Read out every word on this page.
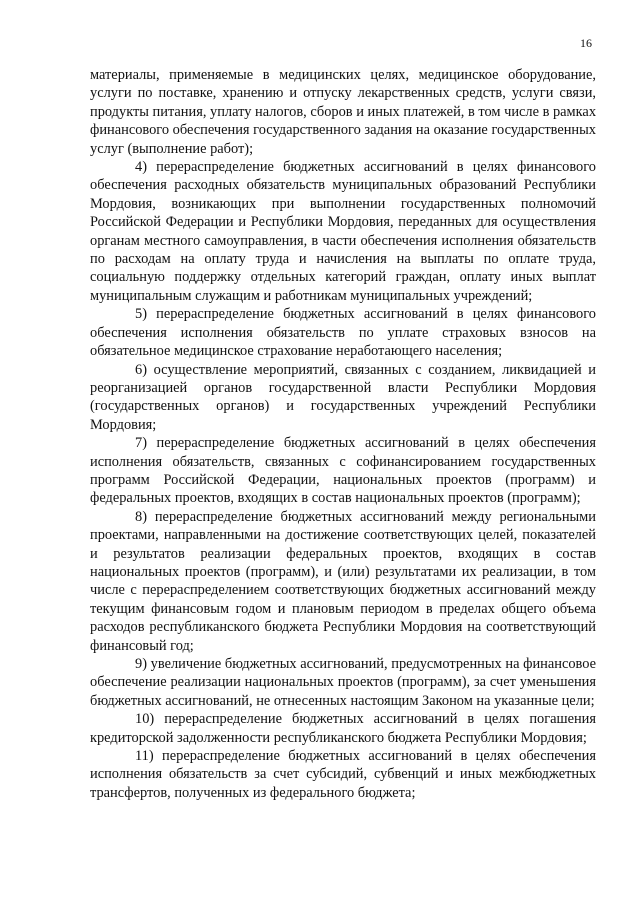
16

материалы, применяемые в медицинских целях, медицинское оборудование, услуги по поставке, хранению и отпуску лекарственных средств, услуги связи, продукты питания, уплату налогов, сборов и иных платежей, в том числе в рамках финансового обеспечения государственного задания на оказание государственных услуг (выполнение работ);

4) перераспределение бюджетных ассигнований в целях финансового обеспечения расходных обязательств муниципальных образований Республики Мордовия, возникающих при выполнении государственных полномочий Российской Федерации и Республики Мордовия, переданных для осуществления органам местного самоуправления, в части обеспечения исполнения обязательств по расходам на оплату труда и начисления на выплаты по оплате труда, социальную поддержку отдельных категорий граждан, оплату иных выплат муниципальным служащим и работникам муниципальных учреждений;

5) перераспределение бюджетных ассигнований в целях финансового обеспечения исполнения обязательств по уплате страховых взносов на обязательное медицинское страхование неработающего населения;

6) осуществление мероприятий, связанных с созданием, ликвидацией и реорганизацией органов государственной власти Республики Мордовия (государственных органов) и государственных учреждений Республики Мордовия;

7) перераспределение бюджетных ассигнований в целях обеспечения исполнения обязательств, связанных с софинансированием государственных программ Российской Федерации, национальных проектов (программ) и федеральных проектов, входящих в состав национальных проектов (программ);

8) перераспределение бюджетных ассигнований между региональными проектами, направленными на достижение соответствующих целей, показателей и результатов реализации федеральных проектов, входящих в состав национальных проектов (программ), и (или) результатами их реализации, в том числе с перераспределением соответствующих бюджетных ассигнований между текущим финансовым годом и плановым периодом в пределах общего объема расходов республиканского бюджета Республики Мордовия на соответствующий финансовый год;

9) увеличение бюджетных ассигнований, предусмотренных на финансовое обеспечение реализации национальных проектов (программ), за счет уменьшения бюджетных ассигнований, не отнесенных настоящим Законом на указанные цели;

10) перераспределение бюджетных ассигнований в целях погашения кредиторской задолженности республиканского бюджета Республики Мордовия;

11) перераспределение бюджетных ассигнований в целях обеспечения исполнения обязательств за счет субсидий, субвенций и иных межбюджетных трансфертов, полученных из федерального бюджета;
